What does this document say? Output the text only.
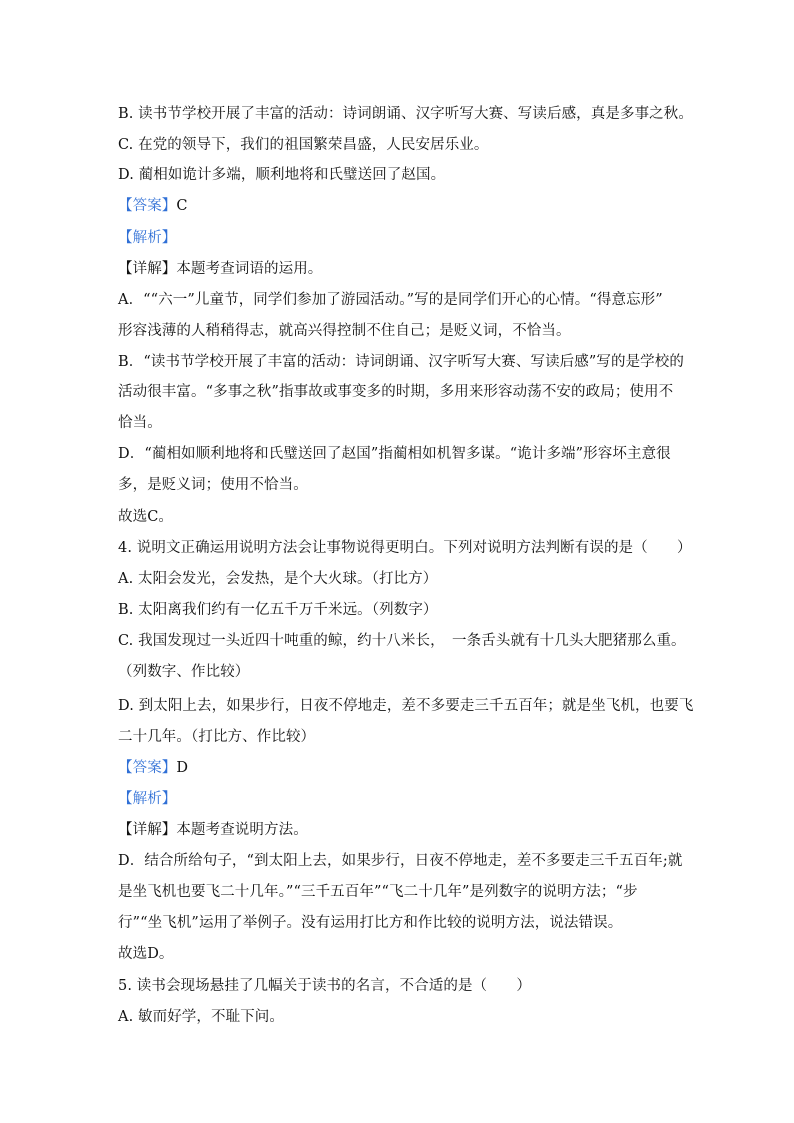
B. 读书节学校开展了丰富的活动：诗词朗诵、汉字听写大赛、写读后感，真是多事之秋。
C. 在党的领导下，我们的祖国繁荣昌盛，人民安居乐业。
D. 蔺相如诡计多端，顺利地将和氏璧送回了赵国。
【答案】C
【解析】
【详解】本题考查词语的运用。
A．““六一”儿童节，同学们参加了游园活动。”写的是同学们开心的心情。“得意忘形”
形容浅薄的人稍稍得志，就高兴得控制不住自己；是贬义词，不恰当。
B．“读书节学校开展了丰富的活动：诗词朗诵、汉字听写大赛、写读后感”写的是学校的
活动很丰富。“多事之秋”指事故或事变多的时期，多用来形容动荡不安的政局；使用不
恰当。
D．“蔺相如顺利地将和氏璧送回了赵国”指蔺相如机智多谋。“诡计多端”形容坏主意很
多，是贬义词；使用不恰当。
故选C。
4. 说明文正确运用说明方法会让事物说得更明白。下列对说明方法判断有误的是（　　）
A. 太阳会发光，会发热，是个大火球。（打比方）
B. 太阳离我们约有一亿五千万千米远。（列数字）
C. 我国发现过一头近四十吨重的鲸，约十八米长，　一条舌头就有十几头大肥猪那么重。
（列数字、作比较）
D. 到太阳上去，如果步行，日夜不停地走，差不多要走三千五百年；就是坐飞机，也要飞
二十几年。（打比方、作比较）
【答案】D
【解析】
【详解】本题考查说明方法。
D．结合所给句子，“到太阳上去，如果步行，日夜不停地走，差不多要走三千五百年;就
是坐飞机也要飞二十几年。”“三千五百年”“飞二十几年”是列数字的说明方法；“步
行”“坐飞机”运用了举例子。没有运用打比方和作比较的说明方法，说法错误。
故选D。
5. 读书会现场悬挂了几幅关于读书的名言，不合适的是（　　）
A. 敏而好学，不耻下问。
